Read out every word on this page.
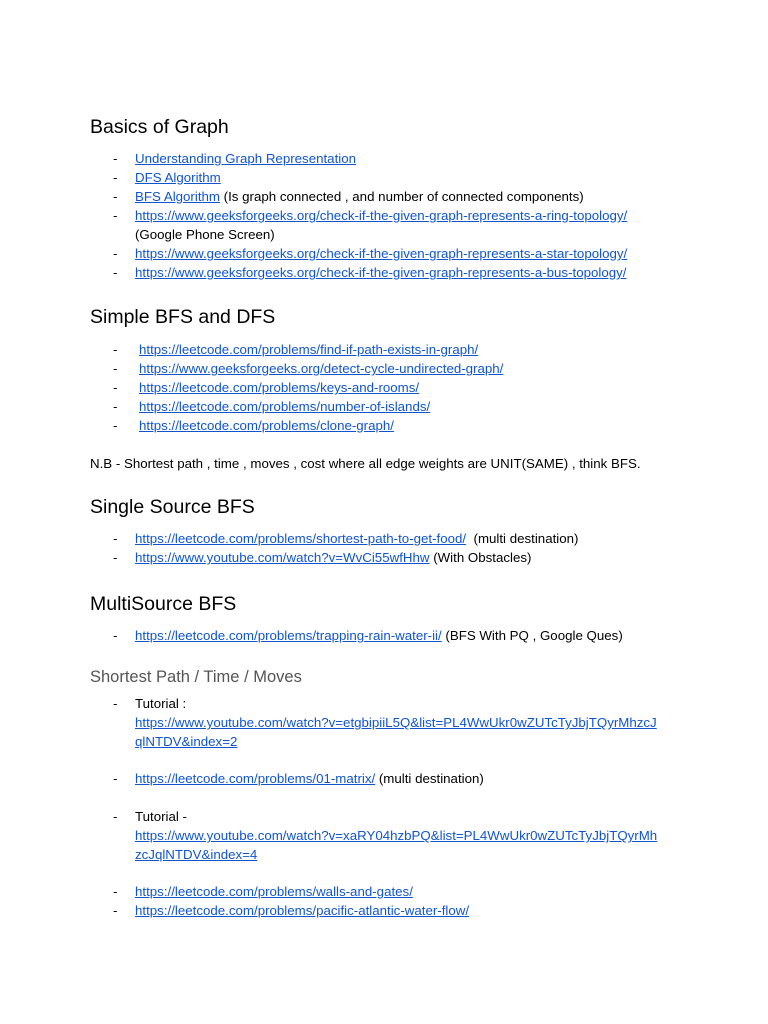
Basics of Graph
- Understanding Graph Representation
- DFS Algorithm
- BFS Algorithm (Is graph connected , and number of connected components)
- https://www.geeksforgeeks.org/check-if-the-given-graph-represents-a-ring-topology/
(Google Phone Screen)
- https://www.geeksforgeeks.org/check-if-the-given-graph-represents-a-star-topology/
- https://www.geeksforgeeks.org/check-if-the-given-graph-represents-a-bus-topology/
Simple BFS and DFS
- https://leetcode.com/problems/find-if-path-exists-in-graph/
- https://www.geeksforgeeks.org/detect-cycle-undirected-graph/
- https://leetcode.com/problems/keys-and-rooms/
- https://leetcode.com/problems/number-of-islands/
- https://leetcode.com/problems/clone-graph/
N.B - Shortest path , time , moves , cost where all edge weights are UNIT(SAME) , think BFS.
Single Source BFS
- https://leetcode.com/problems/shortest-path-to-get-food/  (multi destination)
- https://www.youtube.com/watch?v=WvCi55wfHhw (With Obstacles)
MultiSource BFS
- https://leetcode.com/problems/trapping-rain-water-ii/ (BFS With PQ , Google Ques)
Shortest Path / Time / Moves
- Tutorial :
https://www.youtube.com/watch?v=etgbipiiL5Q&list=PL4WwUkr0wZUTcTyJbjTQyrMhzcJ
qlNTDV&index=2
- https://leetcode.com/problems/01-matrix/ (multi destination)
- Tutorial -
https://www.youtube.com/watch?v=xaRY04hzbPQ&list=PL4WwUkr0wZUTcTyJbjTQyrMh
zcJqlNTDV&index=4
- https://leetcode.com/problems/walls-and-gates/
- https://leetcode.com/problems/pacific-atlantic-water-flow/
